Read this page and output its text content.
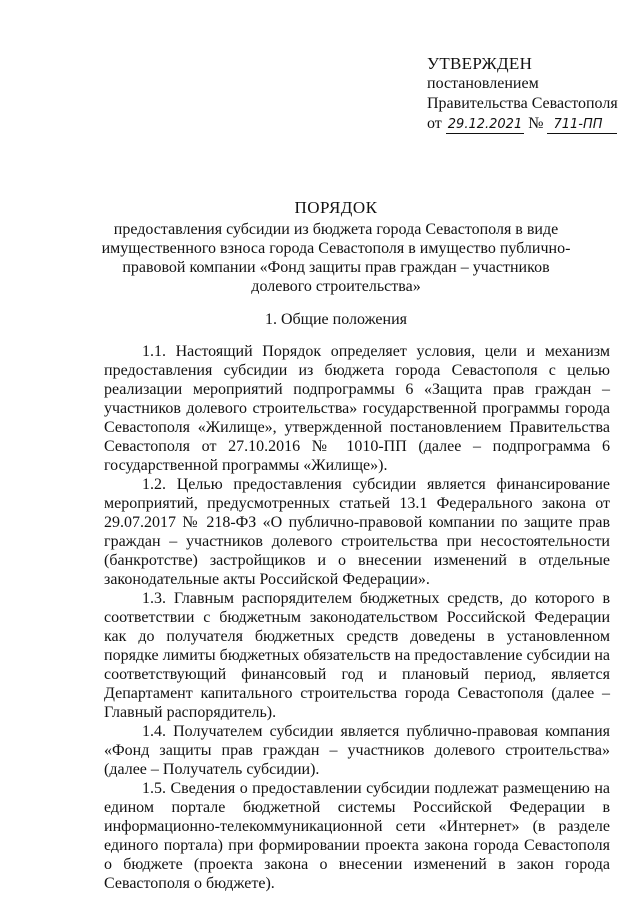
УТВЕРЖДЕН
постановлением
Правительства Севастополя
от 29.12.2021 № 711-ПП
ПОРЯДОК
предоставления субсидии из бюджета города Севастополя в виде имущественного взноса города Севастополя в имущество публично-правовой компании «Фонд защиты прав граждан – участников долевого строительства»
1. Общие положения

1.1. Настоящий Порядок определяет условия, цели и механизм предоставления субсидии из бюджета города Севастополя с целью реализации мероприятий подпрограммы 6 «Защита прав граждан – участников долевого строительства» государственной программы города Севастополя «Жилище», утвержденной постановлением Правительства Севастополя от 27.10.2016 № 1010-ПП (далее – подпрограмма 6 государственной программы «Жилище»).

1.2. Целью предоставления субсидии является финансирование мероприятий, предусмотренных статьей 13.1 Федерального закона от 29.07.2017 № 218-ФЗ «О публично-правовой компании по защите прав граждан – участников долевого строительства при несостоятельности (банкротстве) застройщиков и о внесении изменений в отдельные законодательные акты Российской Федерации».

1.3. Главным распорядителем бюджетных средств, до которого в соответствии с бюджетным законодательством Российской Федерации как до получателя бюджетных средств доведены в установленном порядке лимиты бюджетных обязательств на предоставление субсидии на соответствующий финансовый год и плановый период, является Департамент капитального строительства города Севастополя (далее – Главный распорядитель).

1.4. Получателем субсидии является публично-правовая компания «Фонд защиты прав граждан – участников долевого строительства» (далее – Получатель субсидии).

1.5. Сведения о предоставлении субсидии подлежат размещению на едином портале бюджетной системы Российской Федерации в информационно-телекоммуникационной сети «Интернет» (в разделе единого портала) при формировании проекта закона города Севастополя о бюджете (проекта закона о внесении изменений в закон города Севастополя о бюджете).
